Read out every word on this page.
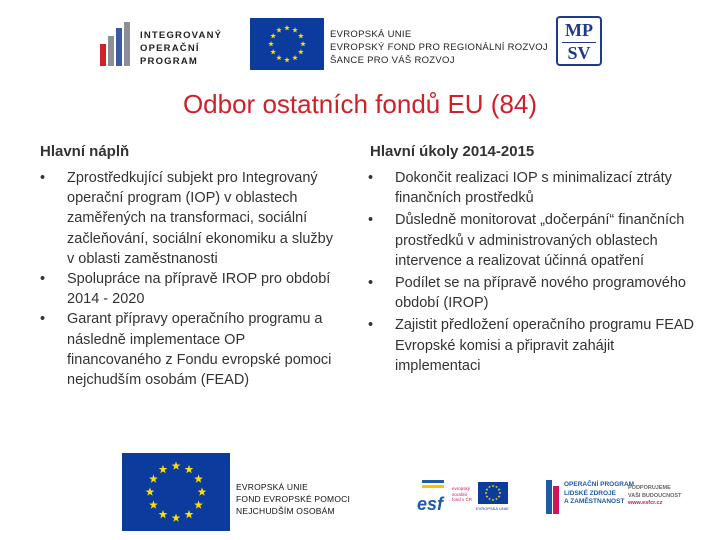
INTEGROVANÝ
OPERAČNÍ
PROGRAM
EVROPSKÁ UNIE
EVROPSKÝ FOND PRO REGIONÁLNÍ ROZVOJ
ŠANCE PRO VÁŠ ROZVOJ
MP
SV
Odbor ostatních fondů EU (84)
Hlavní náplň	Hlavní úkoly 2014-2015
• Zprostředkující subjekt pro Integrovaný operační program (IOP) v oblastech zaměřených na transformaci, sociální začleňování, sociální ekonomiku a služby v oblasti zaměstnanosti
• Spolupráce na přípravě IROP pro období 2014 - 2020
• Garant přípravy operačního programu a následně implementace OP financovaného z Fondu evropské pomoci nejchudším osobám (FEAD)
• Dokončit realizaci IOP s minimalizací ztráty finančních prostředků
• Důsledně monitorovat „dočerpání“ finančních prostředků v administrovaných oblastech intervence a realizovat účinná opatření
• Podílet se na přípravě nového programového období (IROP)
• Zajistit předložení operačního programu FEAD Evropské komisi a připravit zahájit implementaci
EVROPSKÁ UNIE
FOND EVROPSKÉ POMOCI
NEJCHUDŠÍM OSOBÁM	esf
evropský
sociální
fond v ČR
EVROPSKÁ UNIE
OPERAČNÍ PROGRAM
LIDSKÉ ZDROJE
A ZAMĚSTNANOST
PODPORUJEME
VAŠI BUDOUCNOST
www.esfcr.cz
